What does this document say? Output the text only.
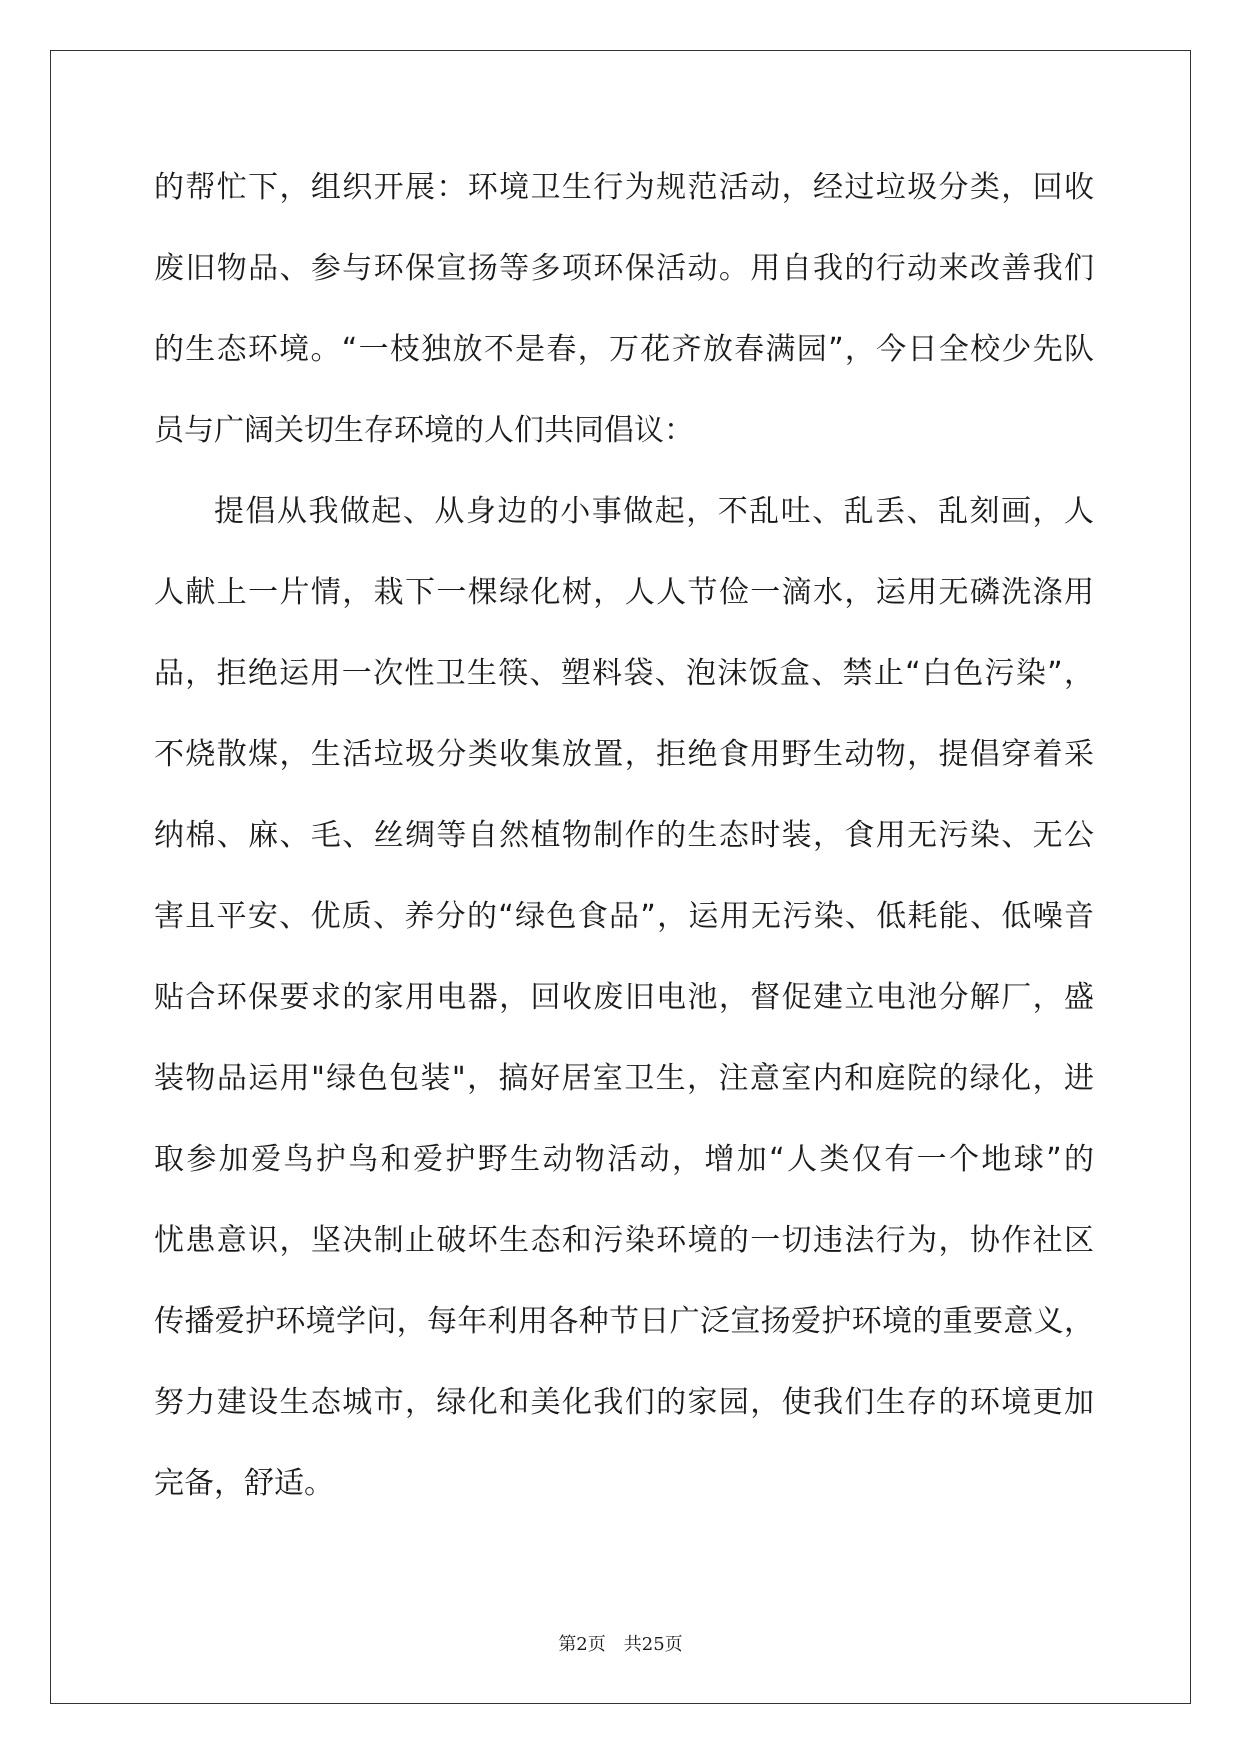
的帮忙下，组织开展：环境卫生行为规范活动，经过垃圾分类，回收
废旧物品、参与环保宣扬等多项环保活动。用自我的行动来改善我们
的生态环境。“一枝独放不是春，万花齐放春满园”，今日全校少先队
员与广阔关切生存环境的人们共同倡议：
提倡从我做起、从身边的小事做起，不乱吐、乱丢、乱刻画，人
人献上一片情，栽下一棵绿化树，人人节俭一滴水，运用无磷洗涤用
品，拒绝运用一次性卫生筷、塑料袋、泡沫饭盒、禁止“白色污染”，
不烧散煤，生活垃圾分类收集放置，拒绝食用野生动物，提倡穿着采
纳棉、麻、毛、丝绸等自然植物制作的生态时装，食用无污染、无公
害且平安、优质、养分的“绿色食品”，运用无污染、低耗能、低噪音
贴合环保要求的家用电器，回收废旧电池，督促建立电池分解厂，盛
装物品运用"绿色包装"，搞好居室卫生，注意室内和庭院的绿化，进
取参加爱鸟护鸟和爱护野生动物活动，增加“人类仅有一个地球”的
忧患意识，坚决制止破坏生态和污染环境的一切违法行为，协作社区
传播爱护环境学问，每年利用各种节日广泛宣扬爱护环境的重要意义，
努力建设生态城市，绿化和美化我们的家园，使我们生存的环境更加
完备，舒适。
第2页　共25页
